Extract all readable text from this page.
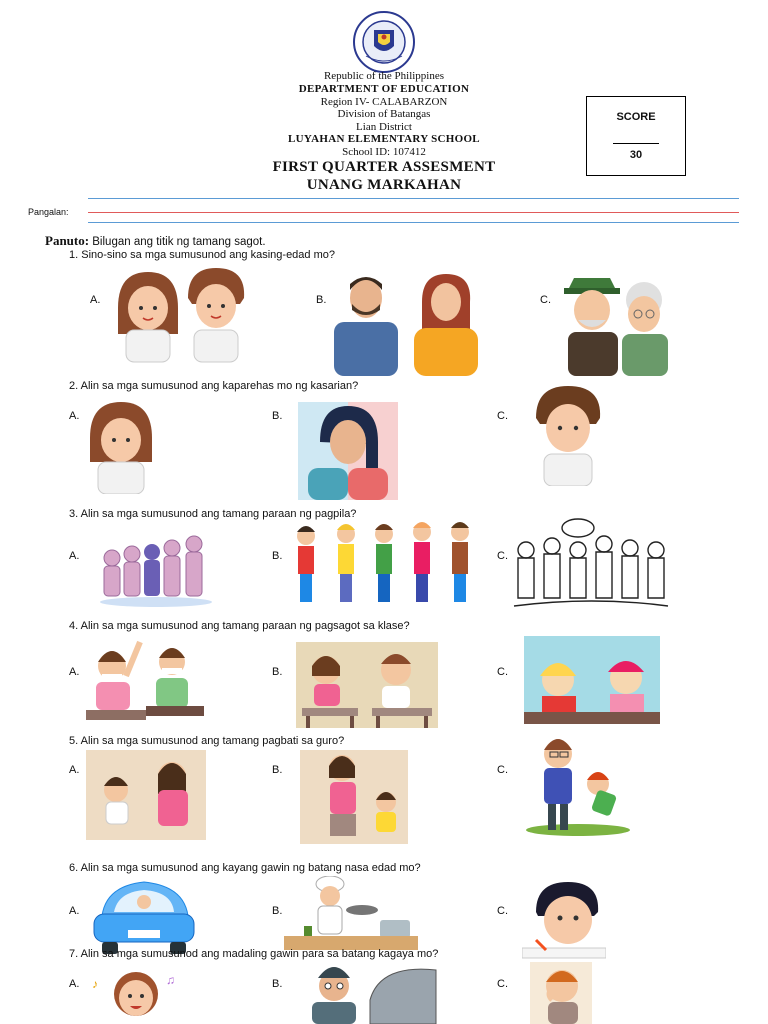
Republic of the Philippines
DEPARTMENT OF EDUCATION
Region IV- CALABARZON
Division of Batangas
Lian District
LUYAHAN ELEMENTARY SCHOOL
School ID: 107412
FIRST QUARTER ASSESMENT
UNANG MARKAHAN
SCORE
30
Pangalan:
Panuto: Bilugan ang titik ng tamang sagot.
1. Sino-sino sa mga sumusunod ang kasing-edad mo?
A.	B.	C.
2. Alin sa mga sumusunod ang kaparehas mo ng kasarian?
A.	B.	C.
3. Alin sa mga sumusunod ang tamang paraan ng pagpila?
A.	B.	C.
4. Alin sa mga sumusunod ang tamang paraan ng pagsagot sa klase?
A.	B.	C.
5. Alin sa mga sumusunod ang tamang pagbati sa guro?
A.	B.	C.
6. Alin sa mga sumusunod ang kayang gawin ng batang nasa edad mo?
A.	B.	C.
7. Alin sa mga sumusunod ang madaling gawin para sa batang kagaya mo?
A.	B.	C.
♪	♫
